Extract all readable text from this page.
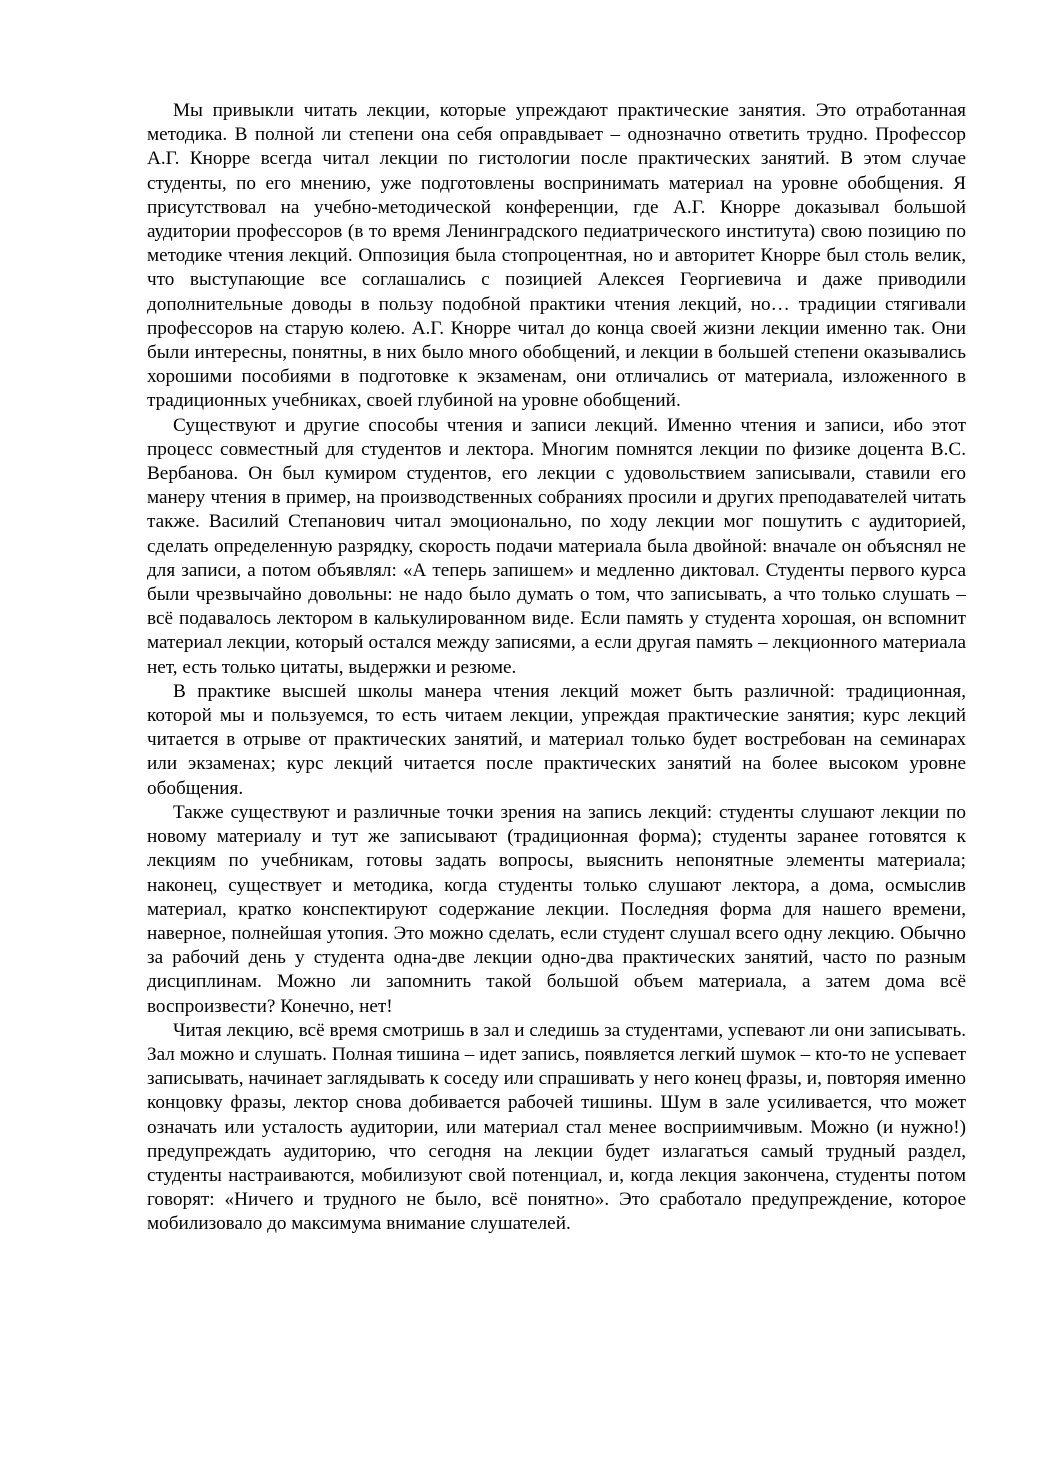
Мы привыкли читать лекции, которые упреждают практические занятия. Это отработанная методика. В полной ли степени она себя оправдывает – однозначно ответить трудно. Профессор А.Г. Кнорре всегда читал лекции по гистологии после практических занятий. В этом случае студенты, по его мнению, уже подготовлены воспринимать материал на уровне обобщения. Я присутствовал на учебно-методической конференции, где А.Г. Кнорре доказывал большой аудитории профессоров (в то время Ленинградского педиатрического института) свою позицию по методике чтения лекций. Оппозиция была стопроцентная, но и авторитет Кнорре был столь велик, что выступающие все соглашались с позицией Алексея Георгиевича и даже приводили дополнительные доводы в пользу подобной практики чтения лекций, но… традиции стягивали профессоров на старую колею. А.Г. Кнорре читал до конца своей жизни лекции именно так. Они были интересны, понятны, в них было много обобщений, и лекции в большей степени оказывались хорошими пособиями в подготовке к экзаменам, они отличались от материала, изложенного в традиционных учебниках, своей глубиной на уровне обобщений.

Существуют и другие способы чтения и записи лекций. Именно чтения и записи, ибо этот процесс совместный для студентов и лектора. Многим помнятся лекции по физике доцента В.С. Вербанова. Он был кумиром студентов, его лекции с удовольствием записывали, ставили его манеру чтения в пример, на производственных собраниях просили и других преподавателей читать также. Василий Степанович читал эмоционально, по ходу лекции мог пошутить с аудиторией, сделать определенную разрядку, скорость подачи материала была двойной: вначале он объяснял не для записи, а потом объявлял: «А теперь запишем» и медленно диктовал. Студенты первого курса были чрезвычайно довольны: не надо было думать о том, что записывать, а что только слушать – всё подавалось лектором в калькулированном виде. Если память у студента хорошая, он вспомнит материал лекции, который остался между записями, а если другая память – лекционного материала нет, есть только цитаты, выдержки и резюме.

В практике высшей школы манера чтения лекций может быть различной: традиционная, которой мы и пользуемся, то есть читаем лекции, упреждая практические занятия; курс лекций читается в отрыве от практических занятий, и материал только будет востребован на семинарах или экзаменах; курс лекций читается после практических занятий на более высоком уровне обобщения.

Также существуют и различные точки зрения на запись лекций: студенты слушают лекции по новому материалу и тут же записывают (традиционная форма); студенты заранее готовятся к лекциям по учебникам, готовы задать вопросы, выяснить непонятные элементы материала; наконец, существует и методика, когда студенты только слушают лектора, а дома, осмыслив материал, кратко конспектируют содержание лекции. Последняя форма для нашего времени, наверное, полнейшая утопия. Это можно сделать, если студент слушал всего одну лекцию. Обычно за рабочий день у студента одна-две лекции одно-два практических занятий, часто по разным дисциплинам. Можно ли запомнить такой большой объем материала, а затем дома всё воспроизвести? Конечно, нет!

Читая лекцию, всё время смотришь в зал и следишь за студентами, успевают ли они записывать. Зал можно и слушать. Полная тишина – идет запись, появляется легкий шумок – кто-то не успевает записывать, начинает заглядывать к соседу или спрашивать у него конец фразы, и, повторяя именно концовку фразы, лектор снова добивается рабочей тишины. Шум в зале усиливается, что может означать или усталость аудитории, или материал стал менее восприимчивым. Можно (и нужно!) предупреждать аудиторию, что сегодня на лекции будет излагаться самый трудный раздел, студенты настраиваются, мобилизуют свой потенциал, и, когда лекция закончена, студенты потом говорят: «Ничего и трудного не было, всё понятно». Это сработало предупреждение, которое мобилизовало до максимума внимание слушателей.
